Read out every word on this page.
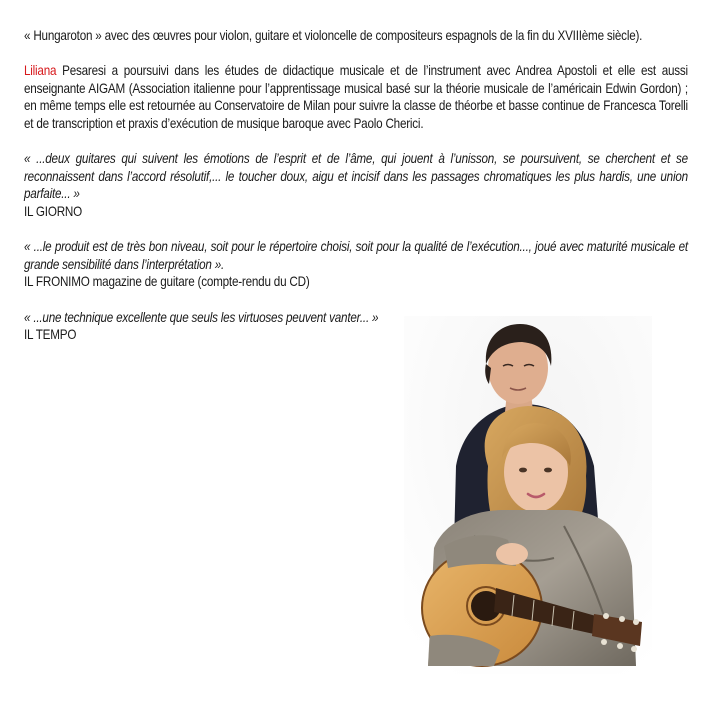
« Hungaroton » avec des œuvres pour violon, guitare et violoncelle de compositeurs espagnols de la fin du XVIIIème siècle).

Liliana Pesaresi a poursuivi dans les études de didactique musicale et de l’instrument avec Andrea Apostoli et elle est aussi enseignante AIGAM (Association italienne pour l’apprentissage musical basé sur la théorie musicale de l’américain Edwin Gordon) ; en même temps elle est retournée au Conservatoire de Milan pour suivre la classe de théorbe et basse continue de Francesca Torelli et de transcription et praxis d’exécution de musique baroque avec Paolo Cherici.

« ...deux guitares qui suivent les émotions de l’esprit et de l’âme, qui jouent à l’unisson, se poursuivent, se cherchent et se reconnaissent dans l’accord résolutif,... le toucher doux, aigu et incisif dans les passages chromatiques les plus hardis, une union parfaite... »

IL GIORNO

« ...le produit est de très bon niveau, soit pour le répertoire choisi, soit pour la qualité de l’exécution..., joué avec maturité musicale et grande sensibilité dans l’interprétation ».

IL FRONIMO magazine de guitare (compte-rendu du CD)

« ...une technique excellente que seuls les virtuoses peuvent vanter... »

IL TEMPO
